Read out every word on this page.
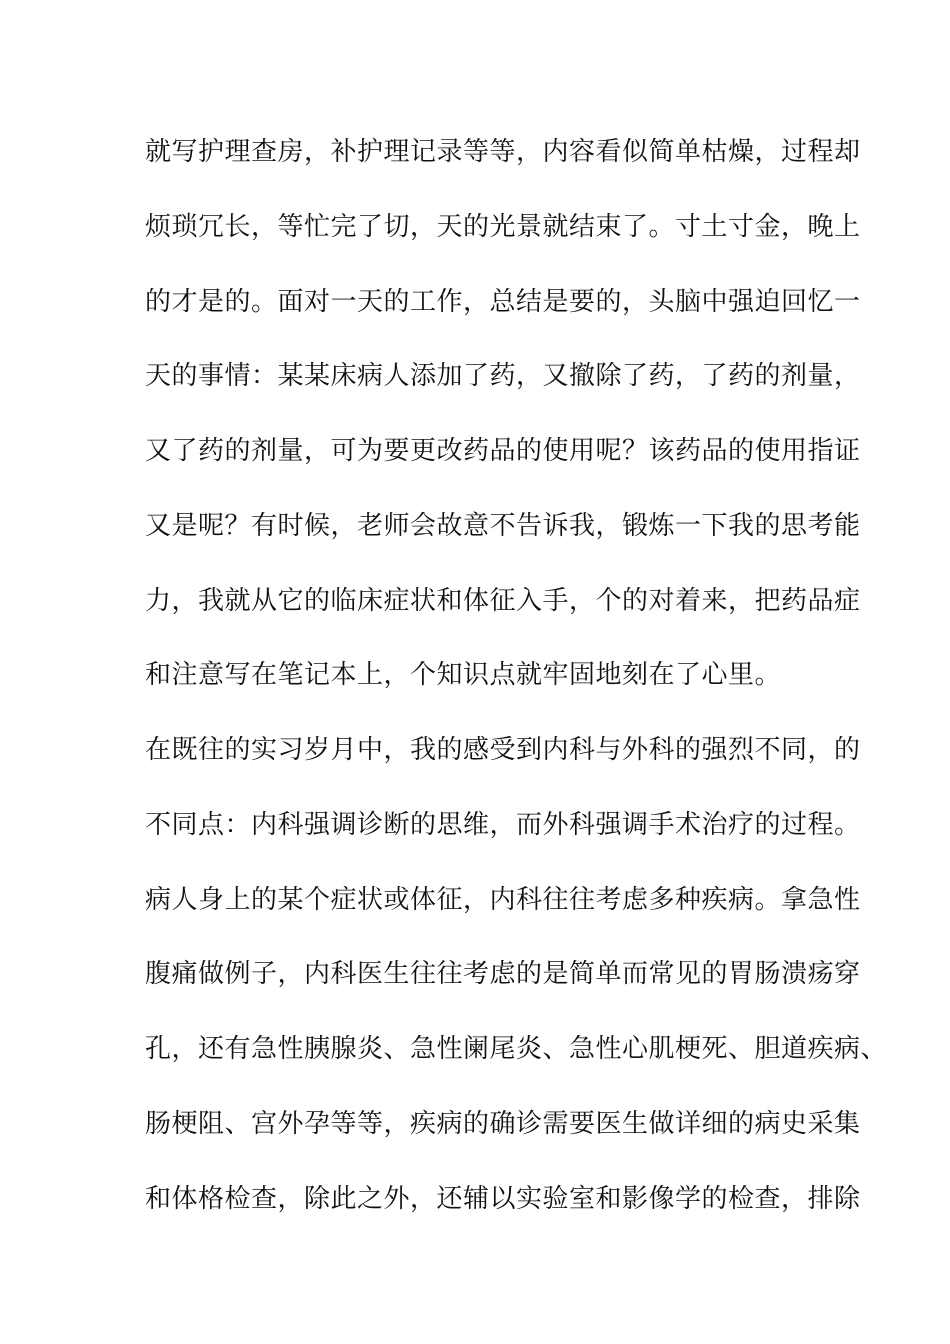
就写护理查房，补护理记录等等，内容看似简单枯燥，过程却
烦琐冗长，等忙完了切，天的光景就结束了。寸土寸金，晚上
的才是的。面对一天的工作，总结是要的，头脑中强迫回忆一
天的事情：某某床病人添加了药，又撤除了药，了药的剂量，
又了药的剂量，可为要更改药品的使用呢？该药品的使用指证
又是呢？有时候，老师会故意不告诉我，锻炼一下我的思考能
力，我就从它的临床症状和体征入手，个的对着来，把药品症
和注意写在笔记本上，个知识点就牢固地刻在了心里。
在既往的实习岁月中，我的感受到内科与外科的强烈不同，的
不同点：内科强调诊断的思维，而外科强调手术治疗的过程。
病人身上的某个症状或体征，内科往往考虑多种疾病。拿急性
腹痛做例子，内科医生往往考虑的是简单而常见的胃肠溃疡穿
孔，还有急性胰腺炎、急性阑尾炎、急性心肌梗死、胆道疾病、
肠梗阻、宫外孕等等，疾病的确诊需要医生做详细的病史采集
和体格检查，除此之外，还辅以实验室和影像学的检查，排除
